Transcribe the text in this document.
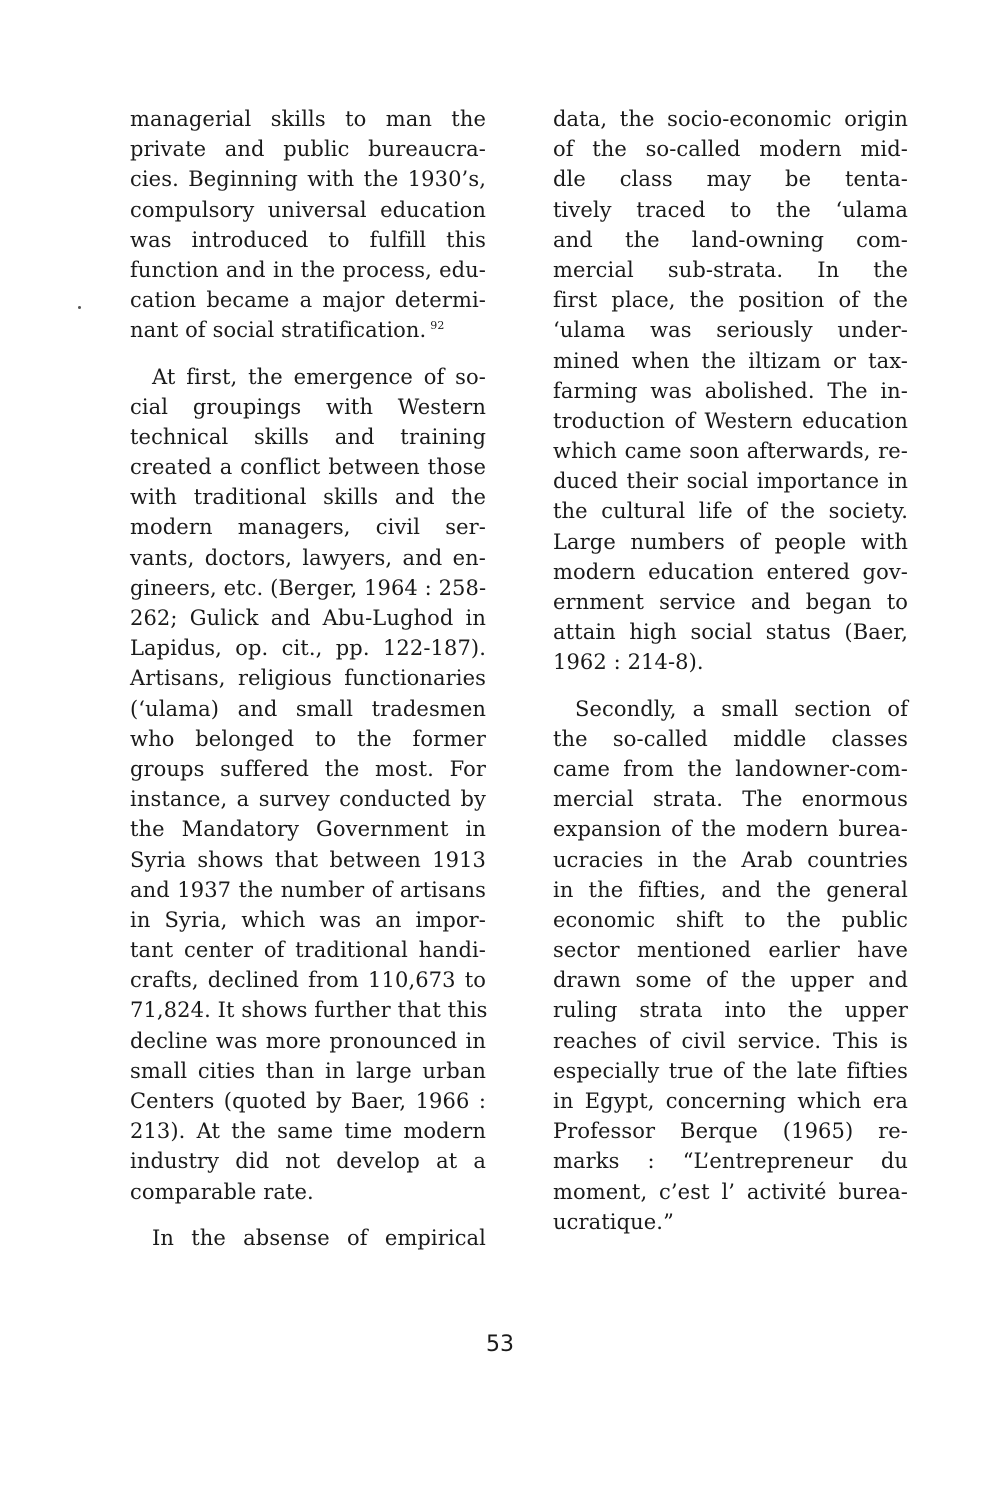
managerial skills to man the
private and public bureaucra-
cies. Beginning with the 1930’s,
compulsory universal education
was introduced to fulfill this
function and in the process, edu-
cation became a major determi-
nant of social stratification. $^{92}$
At first, the emergence of so-
cial groupings with Western
technical skills and training
created a conflict between those
with traditional skills and the
modern managers, civil ser-
vants, doctors, lawyers, and en-
gineers, etc. (Berger, 1964 : 258-
262; Gulick and Abu-Lughod in
Lapidus, op. cit., pp. 122-187).
Artisans, religious functionaries
(‘ulama) and small tradesmen
who belonged to the former
groups suffered the most. For
instance, a survey conducted by
the Mandatory Government in
Syria shows that between 1913
and 1937 the number of artisans
in Syria, which was an impor-
tant center of traditional handi-
crafts, declined from 110,673 to
71,824. It shows further that this
decline was more pronounced in
small cities than in large urban
Centers (quoted by Baer, 1966 :
213). At the same time modern
industry did not develop at a
comparable rate.
In the absense of empirical
data, the socio-economic origin
of the so-called modern mid-
dle class may be tenta-
tively traced to the ‘ulama
and the land-owning com-
mercial sub-strata. In the
first place, the position of the
‘ulama was seriously under-
mined when the iltizam or tax-
farming was abolished. The in-
troduction of Western education
which came soon afterwards, re-
duced their social importance in
the cultural life of the society.
Large numbers of people with
modern education entered gov-
ernment service and began to
attain high social status (Baer,
1962 : 214-8).
Secondly, a small section of
the so-called middle classes
came from the landowner-com-
mercial strata. The enormous
expansion of the modern burea-
ucracies in the Arab countries
in the fifties, and the general
economic shift to the public
sector mentioned earlier have
drawn some of the upper and
ruling strata into the upper
reaches of civil service. This is
especially true of the late fifties
in Egypt, concerning which era
Professor Berque (1965) re-
marks : “L’entrepreneur du
moment, c’est l’ activité burea-
ucratique.”
53
